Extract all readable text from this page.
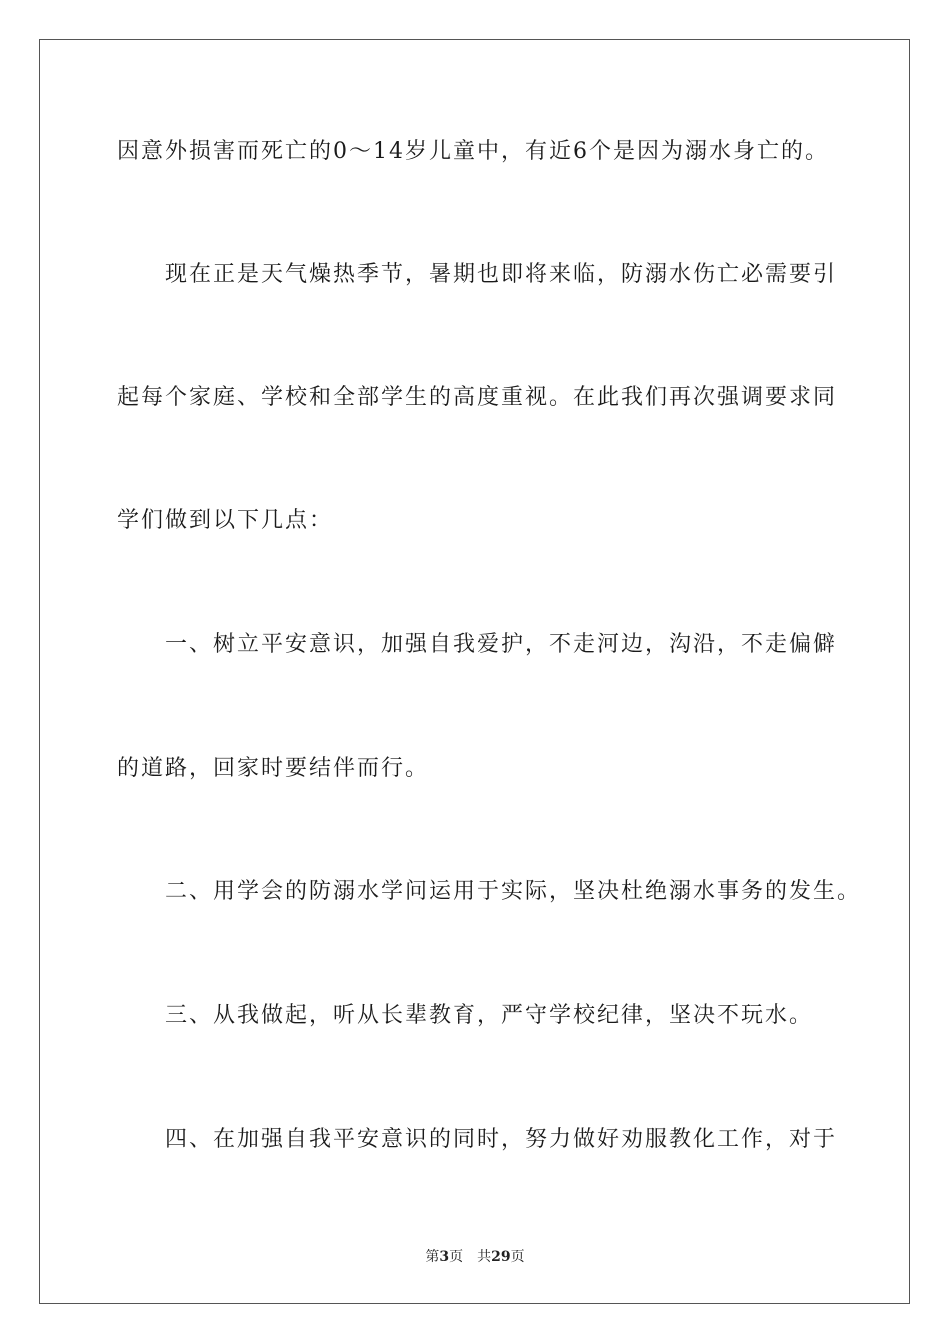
因意外损害而死亡的0～14岁儿童中，有近6个是因为溺水身亡的。
现在正是天气燥热季节，暑期也即将来临，防溺水伤亡必需要引
起每个家庭、学校和全部学生的高度重视。在此我们再次强调要求同
学们做到以下几点：
一、树立平安意识，加强自我爱护，不走河边，沟沿，不走偏僻
的道路，回家时要结伴而行。
二、用学会的防溺水学问运用于实际，坚决杜绝溺水事务的发生。
三、从我做起，听从长辈教育，严守学校纪律，坚决不玩水。
四、在加强自我平安意识的同时，努力做好劝服教化工作，对于
第3页 共29页
